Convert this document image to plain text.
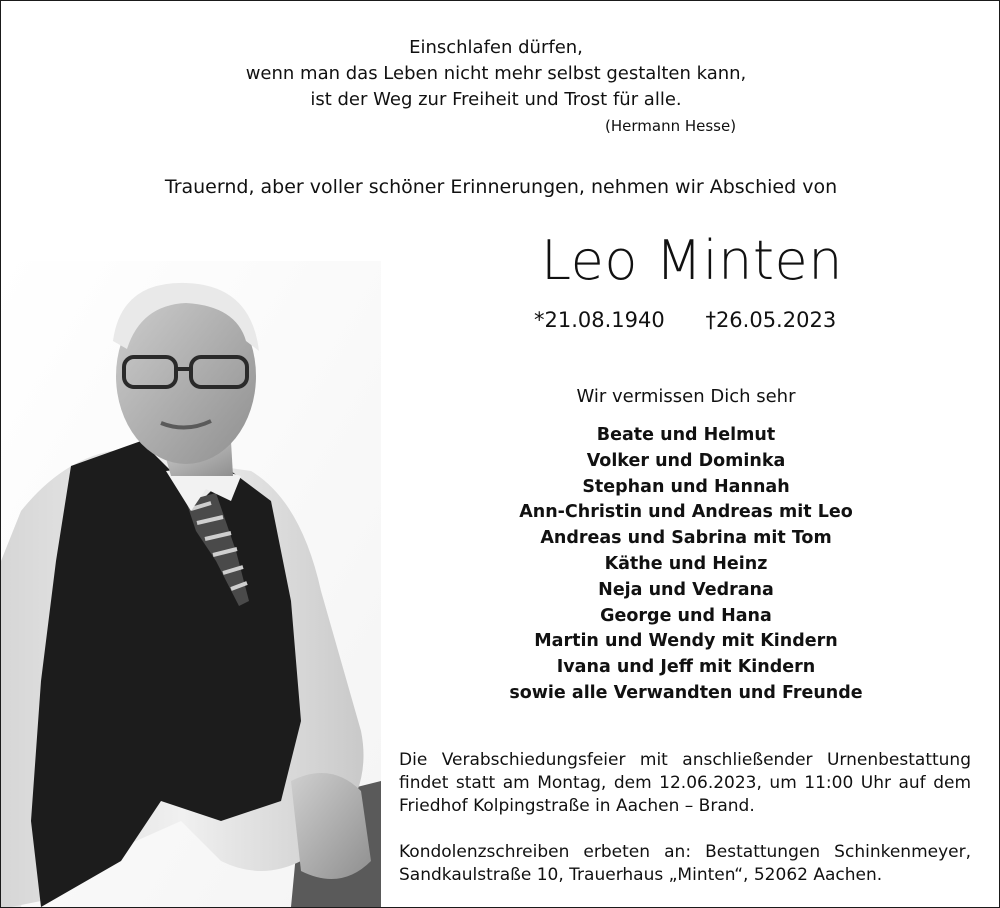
Einschlafen dürfen,
wenn man das Leben nicht mehr selbst gestalten kann,
ist der Weg zur Freiheit und Trost für alle.
(Hermann Hesse)
Trauernd, aber voller schöner Erinnerungen, nehmen wir Abschied von
Leo Minten
*21.08.1940 †26.05.2023
Wir vermissen Dich sehr
Beate und Helmut
Volker und Dominka
Stephan und Hannah
Ann-Christin und Andreas mit Leo
Andreas und Sabrina mit Tom
Käthe und Heinz
Neja und Vedrana
George und Hana
Martin und Wendy mit Kindern
Ivana und Jeff mit Kindern
sowie alle Verwandten und Freunde
Die Verabschiedungsfeier mit anschließender Urnenbestattung findet statt am Montag, dem 12.06.2023, um 11:00 Uhr auf dem Friedhof Kolpingstraße in Aachen – Brand.
Kondolenzschreiben erbeten an: Bestattungen Schinkenmeyer, Sandkaulstraße 10, Trauerhaus „Minten“, 52062 Aachen.
